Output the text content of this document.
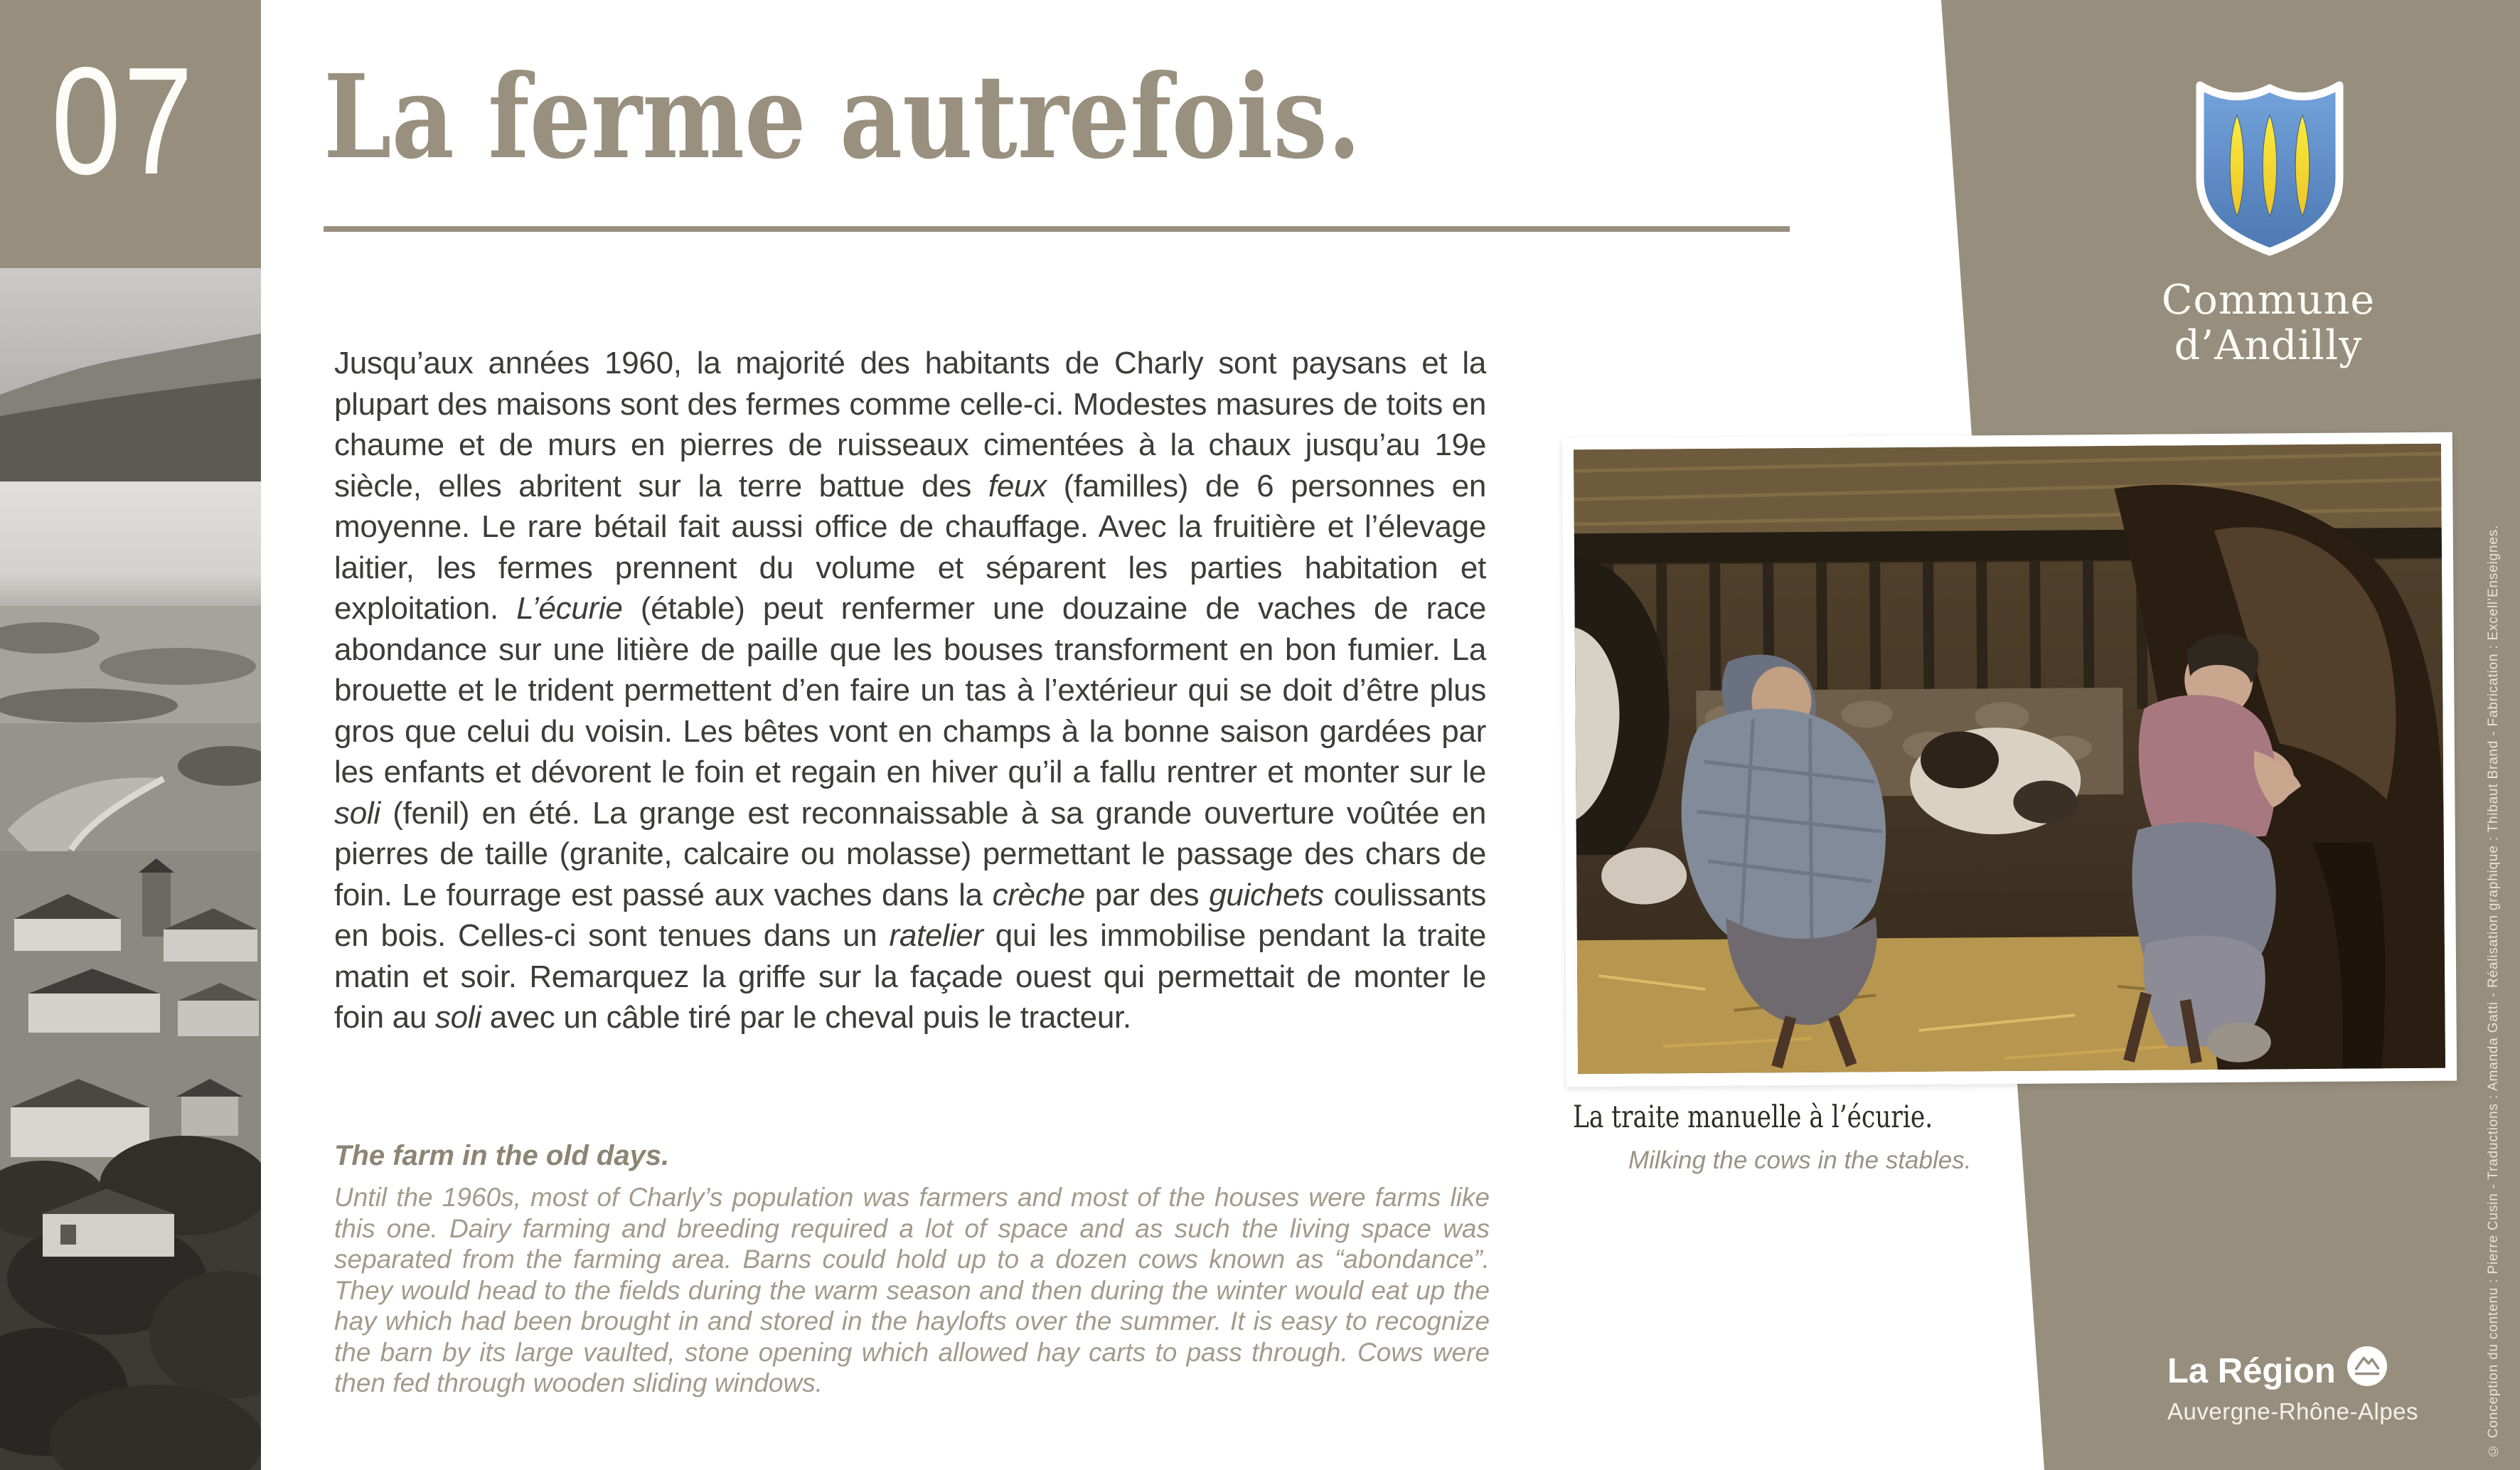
07 La ferme autrefois.
Jusqu’aux années 1960, la majorité des habitants de Charly sont paysans et la plupart des maisons sont des fermes comme celle-ci. Modestes masures de toits en chaume et de murs en pierres de ruisseaux cimentées à la chaux jusqu’au 19e siècle, elles abritent sur la terre battue des feux (familles) de 6 personnes en moyenne. Le rare bétail fait aussi office de chauffage. Avec la fruitière et l’élevage laitier, les fermes prennent du volume et séparent les parties habitation et exploitation. L’écurie (étable) peut renfermer une douzaine de vaches de race abondance sur une litière de paille que les bouses transforment en bon fumier. La brouette et le trident permettent d’en faire un tas à l’extérieur qui se doit d’être plus gros que celui du voisin. Les bêtes vont en champs à la bonne saison gardées par les enfants et dévorent le foin et regain en hiver qu’il a fallu rentrer et monter sur le soli (fenil) en été. La grange est reconnaissable à sa grande ouverture voûtée en pierres de taille (granite, calcaire ou molasse) permettant le passage des chars de foin. Le fourrage est passé aux vaches dans la crèche par des guichets coulissants en bois. Celles-ci sont tenues dans un ratelier qui les immobilise pendant la traite matin et soir. Remarquez la griffe sur la façade ouest qui permettait de monter le foin au soli avec un câble tiré par le cheval puis le tracteur.
The farm in the old days.
Until the 1960s, most of Charly’s population was farmers and most of the houses were farms like this one. Dairy farming and breeding required a lot of space and as such the living space was separated from the farming area. Barns could hold up to a dozen cows known as “abondance”. They would head to the fields during the warm season and then during the winter would eat up the hay which had been brought in and stored in the haylofts over the summer. It is easy to recognize the barn by its large vaulted, stone opening which allowed hay carts to pass through. Cows were then fed through wooden sliding windows.
Commune
d’Andilly
La traite manuelle à l’écurie.
Milking the cows in the stables.
La Région
Auvergne-Rhône-Alpes	© Conception du contenu : Pierre Cusin - Traductions : Amanda Gatti - Réalisation graphique : Thibaut Brand - Fabrication : Excell’Enseignes.
